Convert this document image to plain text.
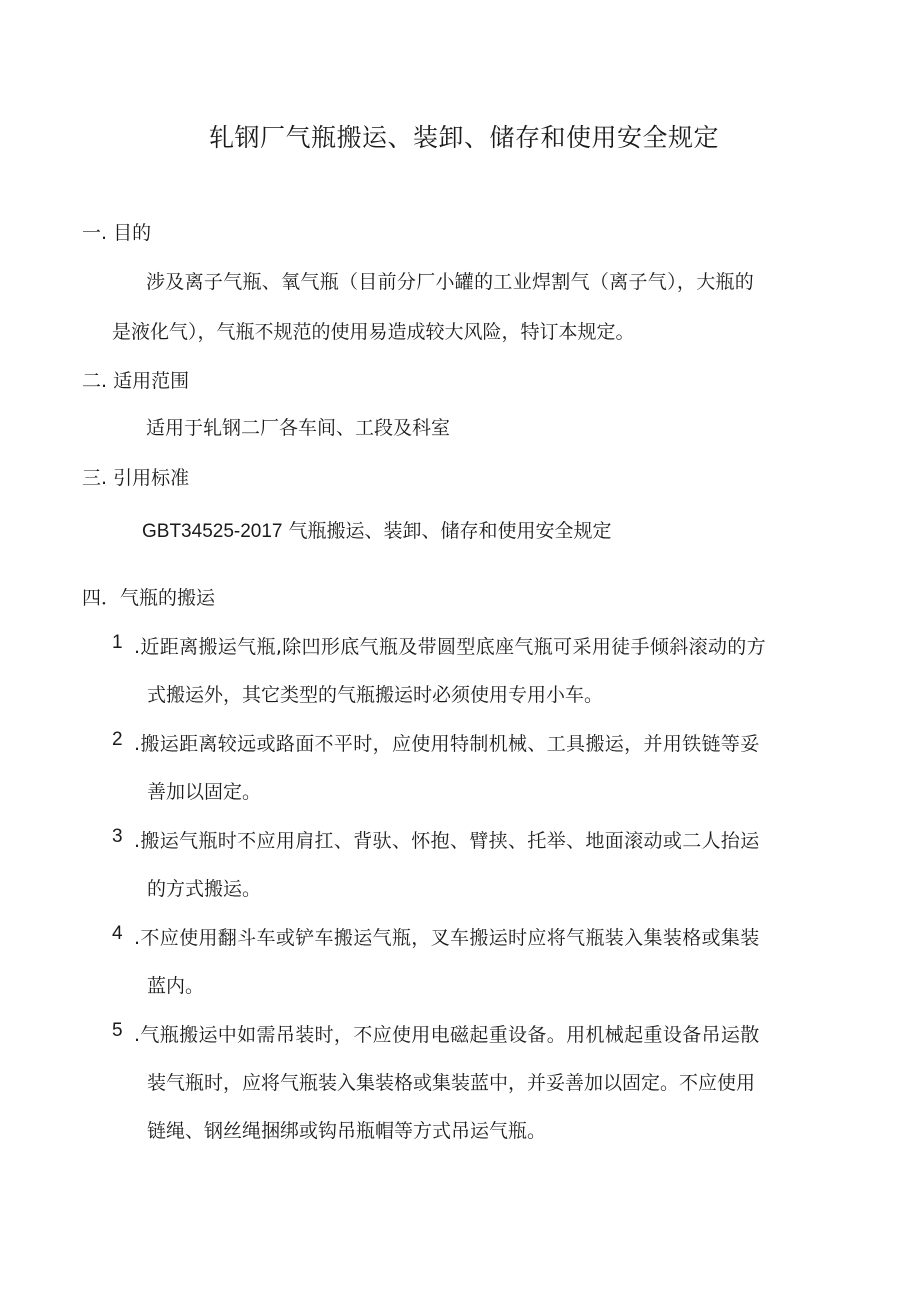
轧钢厂气瓶搬运、装卸、储存和使用安全规定
一. 目的

涉及离子气瓶、氧气瓶（目前分厂小罐的工业焊割气（离子气），大瓶的

是液化气），气瓶不规范的使用易造成较大风险，特订本规定。

二. 适用范围

适用于轧钢二厂各车间、工段及科室

三. 引用标准

GBT34525-2017 气瓶搬运、装卸、储存和使用安全规定

四．气瓶的搬运
1 .近距离搬运气瓶,除凹形底气瓶及带圆型底座气瓶可采用徒手倾斜滚动的方
式搬运外，其它类型的气瓶搬运时必须使用专用小车。
2 .搬运距离较远或路面不平时，应使用特制机械、工具搬运，并用铁链等妥
善加以固定。
3 .搬运气瓶时不应用肩扛、背驮、怀抱、臂挟、托举、地面滚动或二人抬运
的方式搬运。
4 .不应使用翻斗车或铲车搬运气瓶，叉车搬运时应将气瓶装入集装格或集装
蓝内。
5 .气瓶搬运中如需吊装时，不应使用电磁起重设备。用机械起重设备吊运散
装气瓶时，应将气瓶装入集装格或集装蓝中，并妥善加以固定。不应使用
链绳、钢丝绳捆绑或钩吊瓶帽等方式吊运气瓶。
